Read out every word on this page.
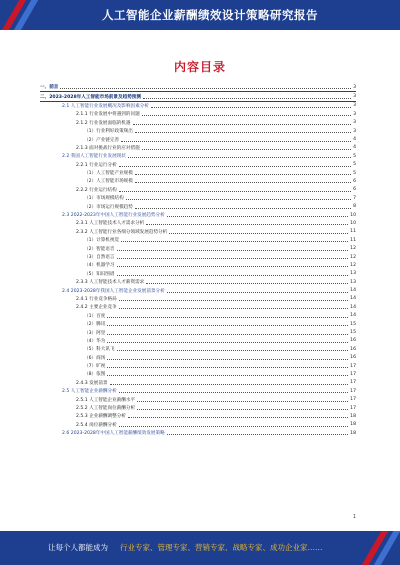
人工智能企业薪酬绩效设计策略研究报告
内容目录
一、前言	3
二、2023-2028年人工智能市场前景及趋势预测	3
2.1 人工智能行业发展概况及影响因素分析	3
2.1.1 行业发展中将遇到的问题	3
2.1.2 行业发展面临的机遇	3
（1）行业利好政策频出	3
（2）产业链完善	4
2.1.3 面对挑战行业的应对措施	4
2.2 我国人工智能行业发展现状	5
2.2.1 行业运行分析	5
（1）人工智能产业规模	5
（2）人工智能市场规模	6
2.2.2 行业运行结构	6
（1）市场规模结构	7
（2）市场运行规模趋势	8
2.3 2022-2023年中国人工智能行业发展趋势分析	10
2.3.1 人工智能技术人才需求分析	10
2.3.2 人工智能行业各细分领域发展趋势分析	11
（1）计算机视觉	11
（2）智能语音	12
（3）自然语言	12
（4）机器学习	12
（5）知识图谱	13
2.3.3 人工智能技术人才薪资需求	13
2.4 2023-2028年我国人工智能企业发展前景分析	14
2.4.1 行业竞争格局	14
2.4.2 主要企业竞争	14
（1）百度	14
（2）腾讯	15
（3）阿里	15
（4）华为	16
（5）科大讯飞	16
（6）商汤	16
（7）旷视	17
（8）依图	17
2.4.3 发展前景	17
2.5 人工智能企业薪酬分析	17
2.5.1 人工智能企业薪酬水平	17
2.5.2 人工智能岗位薪酬分析	17
2.5.3 企业薪酬调整分析	18
2.5.4 岗位薪酬分析	18
2.6 2023-2028年中国人工智能薪酬绩效发展策略	18
1
让每个人都能成为 行业专家、管理专家、营销专家、战略专家、成功企业家……
